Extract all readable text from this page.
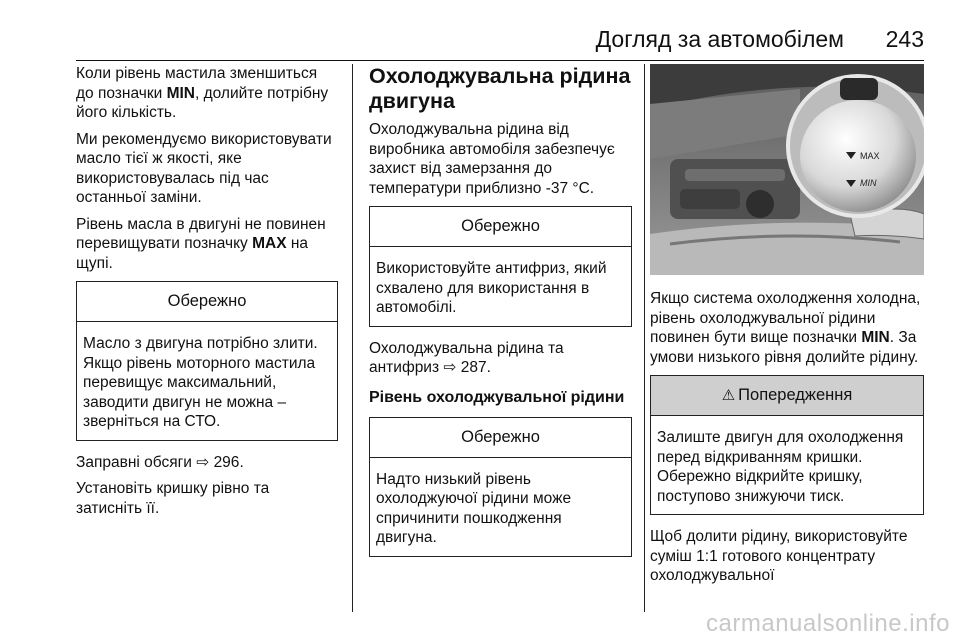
Догляд за автомобілем 243

Коли рівень мастила зменшиться до позначки MIN, долийте потрібну його кількість.

Ми рекомендуємо використовувати масло тієї ж якості, яке використовувалась під час останньої заміни.

Рівень масла в двигуні не повинен перевищувати позначку MAX на щупі.

Обережно
Масло з двигуна потрібно злити. Якщо рівень моторного мастила перевищує максимальний, заводити двигун не можна – зверніться на СТО.

Заправні обсяги ⇨ 296.

Установіть кришку рівно та затисніть її.

Охолоджувальна рідина двигуна

Охолоджувальна рідина від виробника автомобіля забезпечує захист від замерзання до температури приблизно -37 °C.

Обережно
Використовуйте антифриз, який схвалено для використання в автомобілі.

Охолоджувальна рідина та антифриз ⇨ 287.

Рівень охолоджувальної рідини
Обережно
Надто низький рівень охолоджуючої рідини може спричинити пошкодження двигуна.
MAX
MIN

Якщо система охолодження холодна, рівень охолоджувальної рідини повинен бути вище позначки MIN. За умови низького рівня долийте рідину.

⚠ Попередження
Залиште двигун для охолодження перед відкриванням кришки. Обережно відкрийте кришку, поступово знижуючи тиск.

Щоб долити рідину, використовуйте суміш 1:1 готового концентрату охолоджувальної

carmanualsonline.info
